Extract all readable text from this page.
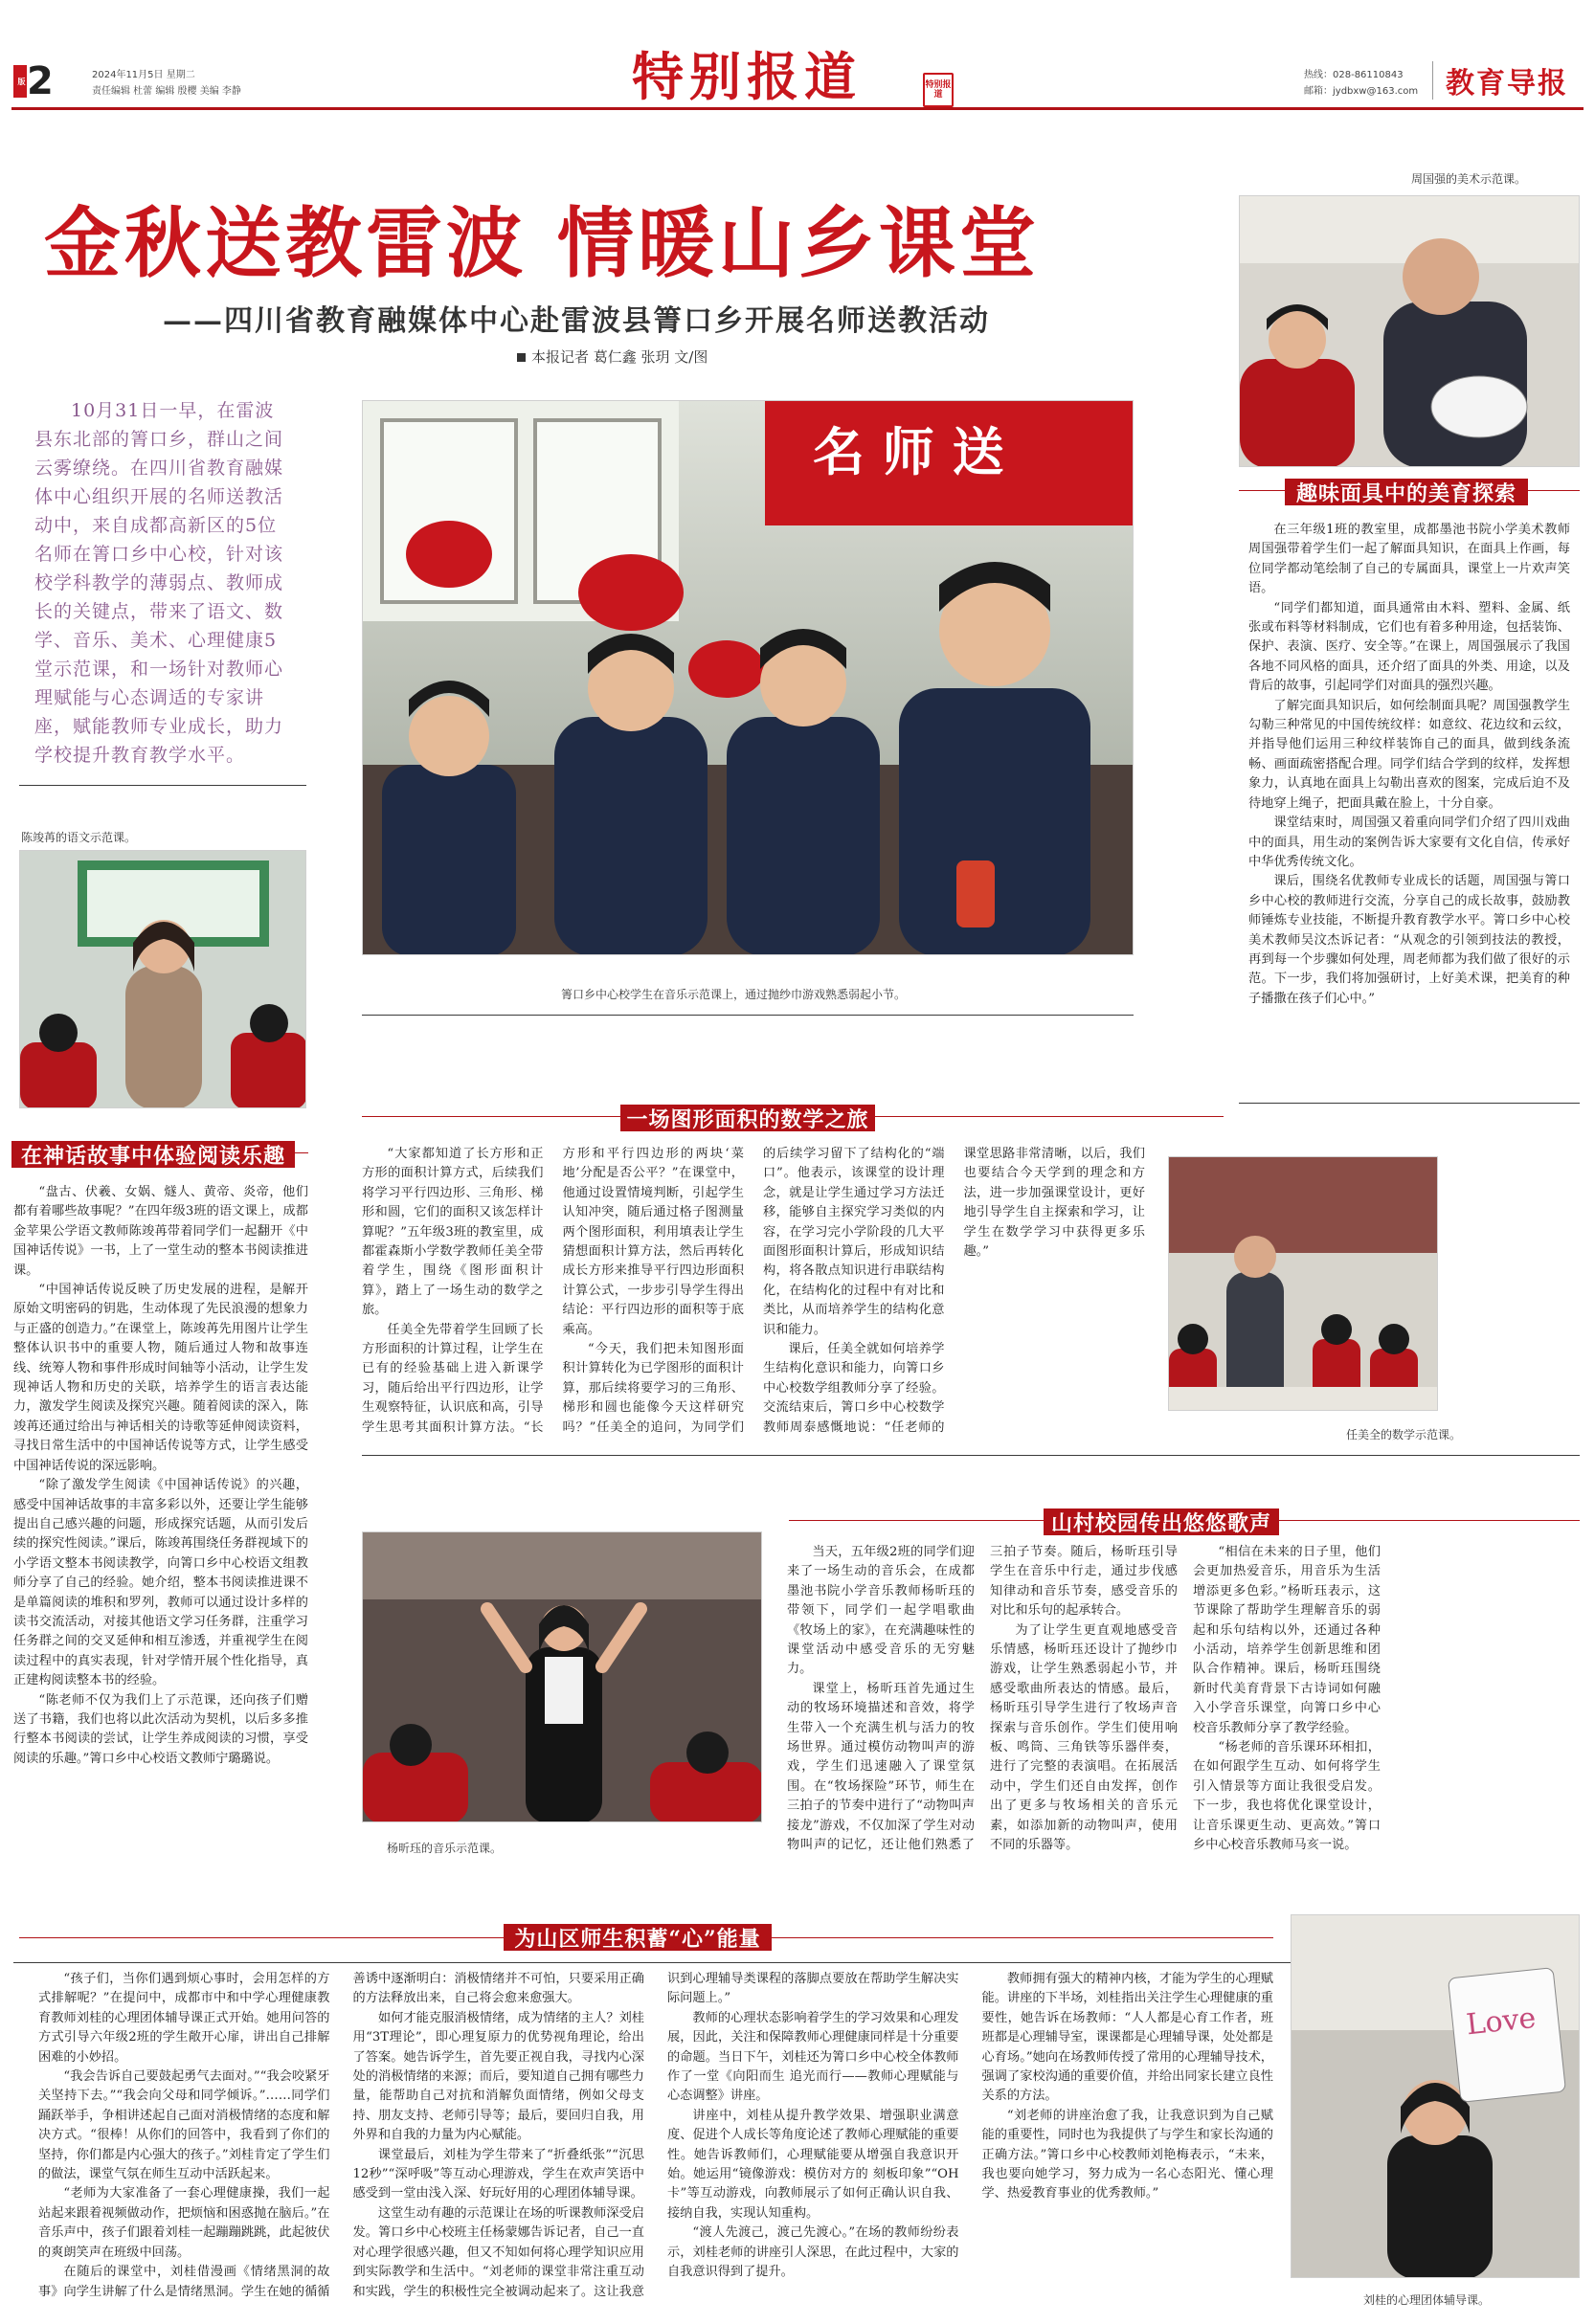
版 2	2024年11月5日 星期二
责任编辑 杜蕾 编辑 殷樱 美编 李静	特别报道	特别报道
热线：028-86110843
邮箱：jydbxw@163.com 教育导报
金秋送教雷波 情暖山乡课堂
——四川省教育融媒体中心赴雷波县箐口乡开展名师送教活动
本报记者 葛仁鑫 张玥 文/图
10月31日一早，在雷波县东北部的箐口乡，群山之间云雾缭绕。在四川省教育融媒体中心组织开展的名师送教活动中，来自成都高新区的5位名师在箐口乡中心校，针对该校学科教学的薄弱点、教师成长的关键点，带来了语文、数学、音乐、美术、心理健康5堂示范课，和一场针对教师心理赋能与心态调适的专家讲座，赋能教师专业成长，助力学校提升教育教学水平。
名 师 送
箐口乡中心校学生在音乐示范课上，通过抛纱巾游戏熟悉弱起小节。
周国强的美术示范课。
趣味面具中的美育探索

在三年级1班的教室里，成都墨池书院小学美术教师周国强带着学生们一起了解面具知识，在面具上作画，每位同学都动笔绘制了自己的专属面具，课堂上一片欢声笑语。

“同学们都知道，面具通常由木料、塑料、金属、纸张或布料等材料制成，它们也有着多种用途，包括装饰、保护、表演、医疗、安全等。”在课上，周国强展示了我国各地不同风格的面具，还介绍了面具的外类、用途，以及背后的故事，引起同学们对面具的强烈兴趣。

了解完面具知识后，如何绘制面具呢？周国强教学生勾勒三种常见的中国传统纹样：如意纹、花边纹和云纹，并指导他们运用三种纹样装饰自己的面具，做到线条流畅、画面疏密搭配合理。同学们结合学到的纹样，发挥想象力，认真地在面具上勾勒出喜欢的图案，完成后迫不及待地穿上绳子，把面具戴在脸上，十分自豪。

课堂结束时，周国强又着重向同学们介绍了四川戏曲中的面具，用生动的案例告诉大家要有文化自信，传承好中华优秀传统文化。

课后，围绕名优教师专业成长的话题，周国强与箐口乡中心校的教师进行交流，分享自己的成长故事，鼓励教师锤炼专业技能，不断提升教育教学水平。箐口乡中心校美术教师吴汶杰诉记者：“从观念的引领到技法的教授，再到每一个步骤如何处理，周老师都为我们做了很好的示范。下一步，我们将加强研讨，上好美术课，把美育的种子播撒在孩子们心中。”

陈竣苒的语文示范课。
在神话故事中体验阅读乐趣

“盘古、伏羲、女娲、燧人、黄帝、炎帝，他们都有着哪些故事呢？”在四年级3班的语文课上，成都金苹果公学语文教师陈竣苒带着同学们一起翻开《中国神话传说》一书，上了一堂生动的整本书阅读推进课。

“中国神话传说反映了历史发展的进程，是解开原始文明密码的钥匙，生动体现了先民浪漫的想象力与正盛的创造力。”在课堂上，陈竣苒先用图片让学生整体认识书中的重要人物，随后通过人物和故事连线、统筹人物和事件形成时间轴等小活动，让学生发现神话人物和历史的关联，培养学生的语言表达能力，激发学生阅读及探究兴趣。随着阅读的深入，陈竣苒还通过给出与神话相关的诗歌等延伸阅读资料，寻找日常生活中的中国神话传说等方式，让学生感受中国神话传说的深远影响。

“除了激发学生阅读《中国神话传说》的兴趣，感受中国神话故事的丰富多彩以外，还要让学生能够提出自己感兴趣的问题，形成探究话题，从而引发后续的探究性阅读。”课后，陈竣苒围绕任务群视域下的小学语文整本书阅读教学，向箐口乡中心校语文组教师分享了自己的经验。她介绍，整本书阅读推进课不是单篇阅读的堆积和罗列，教师可以通过设计多样的读书交流活动，对接其他语文学习任务群，注重学习任务群之间的交叉延伸和相互渗透，并重视学生在阅读过程中的真实表现，针对学情开展个性化指导，真正建构阅读整本书的经验。

“陈老师不仅为我们上了示范课，还向孩子们赠送了书籍，我们也将以此次活动为契机，以后多多推行整本书阅读的尝试，让学生养成阅读的习惯，享受阅读的乐趣。”箐口乡中心校语文教师宁璐璐说。

一场图形面积的数学之旅

“大家都知道了长方形和正方形的面积计算方式，后续我们将学习平行四边形、三角形、梯形和圆，它们的面积又该怎样计算呢？”五年级3班的教室里，成都霍森斯小学数学教师任美全带着学生，围绕《图形面积计算》，踏上了一场生动的数学之旅。

任美全先带着学生回顾了长方形面积的计算过程，让学生在已有的经验基础上进入新课学习，随后给出平行四边形，让学生观察特征，认识底和高，引导学生思考其面积计算方法。“长方形和平行四边形的两块‘菜地’分配是否公平？”在课堂中，他通过设置情境判断，引起学生认知冲突，随后通过格子图测量两个图形面积，利用填表让学生猜想面积计算方法，然后再转化成长方形来推导平行四边形面积计算公式，一步步引导学生得出结论：平行四边形的面积等于底乘高。

“今天，我们把未知图形面积计算转化为已学图形的面积计算，那后续将要学习的三角形、梯形和圆也能像今天这样研究吗？”任美全的追问，为同学们的后续学习留下了结构化的“端口”。他表示，该课堂的设计理念，就是让学生通过学习方法迁移，能够自主探究学习类似的内容，在学习完小学阶段的几大平面图形面积计算后，形成知识结构，将各散点知识进行串联结构化，在结构化的过程中有对比和类比，从而培养学生的结构化意识和能力。

课后，任美全就如何培养学生结构化意识和能力，向箐口乡中心校数学组教师分享了经验。交流结束后，箐口乡中心校数学教师周泰感慨地说：“任老师的课堂思路非常清晰，以后，我们也要结合今天学到的理念和方法，进一步加强课堂设计，更好地引导学生自主探索和学习，让学生在数学学习中获得更多乐趣。”

任美全的数学示范课。
山村校园传出悠悠歌声
杨昕珏的音乐示范课。

当天，五年级2班的同学们迎来了一场生动的音乐会，在成都墨池书院小学音乐教师杨昕珏的带领下，同学们一起学唱歌曲《牧场上的家》，在充满趣味性的课堂活动中感受音乐的无穷魅力。

课堂上，杨昕珏首先通过生动的牧场环境描述和音效，将学生带入一个充满生机与活力的牧场世界。通过模仿动物叫声的游戏，学生们迅速融入了课堂氛围。在“牧场探险”环节，师生在三拍子的节奏中进行了“动物叫声接龙”游戏，不仅加深了学生对动物叫声的记忆，还让他们熟悉了三拍子节奏。随后，杨昕珏引导学生在音乐中行走，通过步伐感知律动和音乐节奏，感受音乐的对比和乐句的起承转合。

为了让学生更直观地感受音乐情感，杨昕珏还设计了抛纱巾游戏，让学生熟悉弱起小节，并感受歌曲所表达的情感。最后，杨昕珏引导学生进行了牧场声音探索与音乐创作。学生们使用响板、鸣筒、三角铁等乐器伴奏，进行了完整的表演唱。在拓展活动中，学生们还自由发挥，创作出了更多与牧场相关的音乐元素，如添加新的动物叫声，使用不同的乐器等。

“相信在未来的日子里，他们会更加热爱音乐，用音乐为生活增添更多色彩。”杨昕珏表示，这节课除了帮助学生理解音乐的弱起和乐句结构以外，还通过各种小活动，培养学生创新思维和团队合作精神。课后，杨昕珏围绕新时代美育背景下古诗词如何融入小学音乐课堂，向箐口乡中心校音乐教师分享了教学经验。

“杨老师的音乐课环环相扣，在如何跟学生互动、如何将学生引入情景等方面让我很受启发。下一步，我也将优化课堂设计，让音乐课更生动、更高效。”箐口乡中心校音乐教师马亥一说。

为山区师生积蓄“心”能量

“孩子们，当你们遇到烦心事时，会用怎样的方式排解呢？”在提问中，成都市中和中学心理健康教育教师刘桂的心理团体辅导课正式开始。她用问答的方式引导六年级2班的学生敞开心扉，讲出自己排解困难的小妙招。

“我会告诉自己要鼓起勇气去面对。”“我会咬紧牙关坚持下去。”“我会向父母和同学倾诉。”……同学们踊跃举手，争相讲述起自己面对消极情绪的态度和解决方式。“很棒！从你们的回答中，我看到了你们的坚持，你们都是内心强大的孩子。”刘桂肯定了学生们的做法，课堂气氛在师生互动中活跃起来。

“老师为大家准备了一套心理健康操，我们一起站起来跟着视频做动作，把烦恼和困惑抛在脑后。”在音乐声中，孩子们跟着刘桂一起蹦蹦跳跳，此起彼伏的爽朗笑声在班级中回荡。

在随后的课堂中，刘桂借漫画《情绪黑洞的故事》向学生讲解了什么是情绪黑洞。学生在她的循循善诱中逐渐明白：消极情绪并不可怕，只要采用正确的方法释放出来，自己将会愈来愈强大。

如何才能克服消极情绪，成为情绪的主人？刘桂用“3T理论”，即心理复原力的优势视角理论，给出了答案。她告诉学生，首先要正视自我，寻找内心深处的消极情绪的来源；而后，要知道自己拥有哪些力量，能帮助自己对抗和消解负面情绪，例如父母支持、朋友支持、老师引导等；最后，要回归自我，用外界和自我的力量为内心赋能。

课堂最后，刘桂为学生带来了“折叠纸张”“沉思12秒”“深呼吸”等互动心理游戏，学生在欢声笑语中感受到一堂由浅入深、好玩好用的心理团体辅导课。

这堂生动有趣的示范课让在场的听课教师深受启发。箐口乡中心校班主任杨蒙娜告诉记者，自己一直对心理学很感兴趣，但又不知如何将心理学知识应用到实际教学和生活中。“刘老师的课堂非常注重互动和实践，学生的积极性完全被调动起来了。这让我意识到心理辅导类课程的落脚点要放在帮助学生解决实际问题上。”

教师的心理状态影响着学生的学习效果和心理发展，因此，关注和保障教师心理健康同样是十分重要的命题。当日下午，刘桂还为箐口乡中心校全体教师作了一堂《向阳而生 追光而行——教师心理赋能与心态调整》讲座。

讲座中，刘桂从提升教学效果、增强职业满意度、促进个人成长等角度论述了教师心理赋能的重要性。她告诉教师们，心理赋能要从增强自我意识开始。她运用“镜像游戏：模仿对方的 刻板印象”“OH卡”等互动游戏，向教师展示了如何正确认识自我、接纳自我，实现认知重构。

“渡人先渡己，渡己先渡心。”在场的教师纷纷表示，刘桂老师的讲座引人深思，在此过程中，大家的自我意识得到了提升。

教师拥有强大的精神内核，才能为学生的心理赋能。讲座的下半场，刘桂指出关注学生心理健康的重要性，她告诉在场教师：“人人都是心育工作者，班班都是心理辅导室，课课都是心理辅导课，处处都是心育场。”她向在场教师传授了常用的心理辅导技术，强调了家校沟通的重要价值，并给出同家长建立良性关系的方法。

“刘老师的讲座治愈了我，让我意识到为自己赋能的重要性，同时也为我提供了与学生和家长沟通的正确方法。”箐口乡中心校教师刘艳梅表示，“未来，我也要向她学习，努力成为一名心态阳光、懂心理学、热爱教育事业的优秀教师。”

Love
刘桂的心理团体辅导课。
